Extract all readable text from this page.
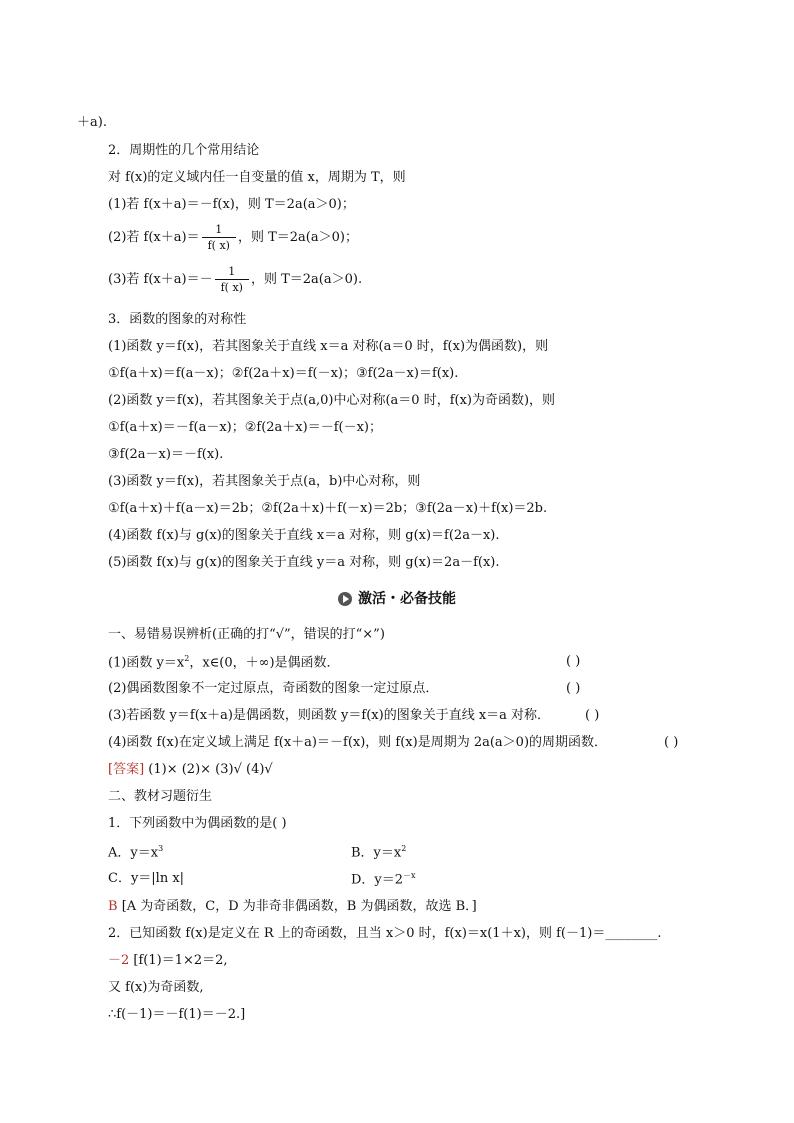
＋a).
2．周期性的几个常用结论
对 f(x)的定义域内任一自变量的值 x，周期为 T，则
(1)若 f(x＋a)＝－f(x)，则 T＝2a(a＞0)；
(2)若 $f(x+a)= \frac{1}{f( x)}$ ，则 T＝2a(a＞0)；
(3)若 $f(x+a)=- \frac{1}{f( x)}$ ，则 T＝2a(a＞0).
3．函数的图象的对称性
(1)函数 y＝f(x)，若其图象关于直线 x＝a 对称(a＝0 时，f(x)为偶函数)，则
①f(a＋x)＝f(a－x)；②f(2a＋x)＝f(－x)；③f(2a－x)＝f(x).
(2)函数 y＝f(x)，若其图象关于点(a,0)中心对称(a＝0 时，f(x)为奇函数)，则
①f(a＋x)＝－f(a－x)；②f(2a＋x)＝－f(－x)；
③f(2a－x)＝－f(x).
(3)函数 y＝f(x)，若其图象关于点(a，b)中心对称，则
①f(a＋x)＋f(a－x)＝2b；②f(2a＋x)＋f(－x)＝2b；③f(2a－x)＋f(x)＝2b.
(4)函数 f(x)与 g(x)的图象关于直线 x＝a 对称，则 g(x)＝f(2a－x).
(5)函数 f(x)与 g(x)的图象关于直线 y＝a 对称，则 g(x)＝2a－f(x).
激活・必备技能
一、易错易误辨析(正确的打“√”，错误的打“×”)
(1)函数 $y=x^2$，x∈(0，＋∞)是偶函数．	( )
(2)偶函数图象不一定过原点，奇函数的图象一定过原点．	( )
(3)若函数 y＝f(x＋a)是偶函数，则函数 y＝f(x)的图象关于直线 x＝a 对称．	( )
(4)函数 f(x)在定义域上满足 f(x＋a)＝－f(x)，则 f(x)是周期为 2a(a＞0)的周期函数．	( )
[答案] (1)× (2)× (3)√ (4)√
二、教材习题衍生
1．下列函数中为偶函数的是( )
A．$y=x^3$	B．$y=x^2$
C．y＝|ln x|	D．$y=2^{-x}$
B [A 为奇函数，C，D 为非奇非偶函数，B 为偶函数，故选 B．]
2．已知函数 f(x)是定义在 R 上的奇函数，且当 x＞0 时，f(x)＝x(1＋x)，则 f(－1)＝________.
－2 [f(1)＝1×2＝2,
又 f(x)为奇函数,
∴f(－1)＝－f(1)＝－2.]
